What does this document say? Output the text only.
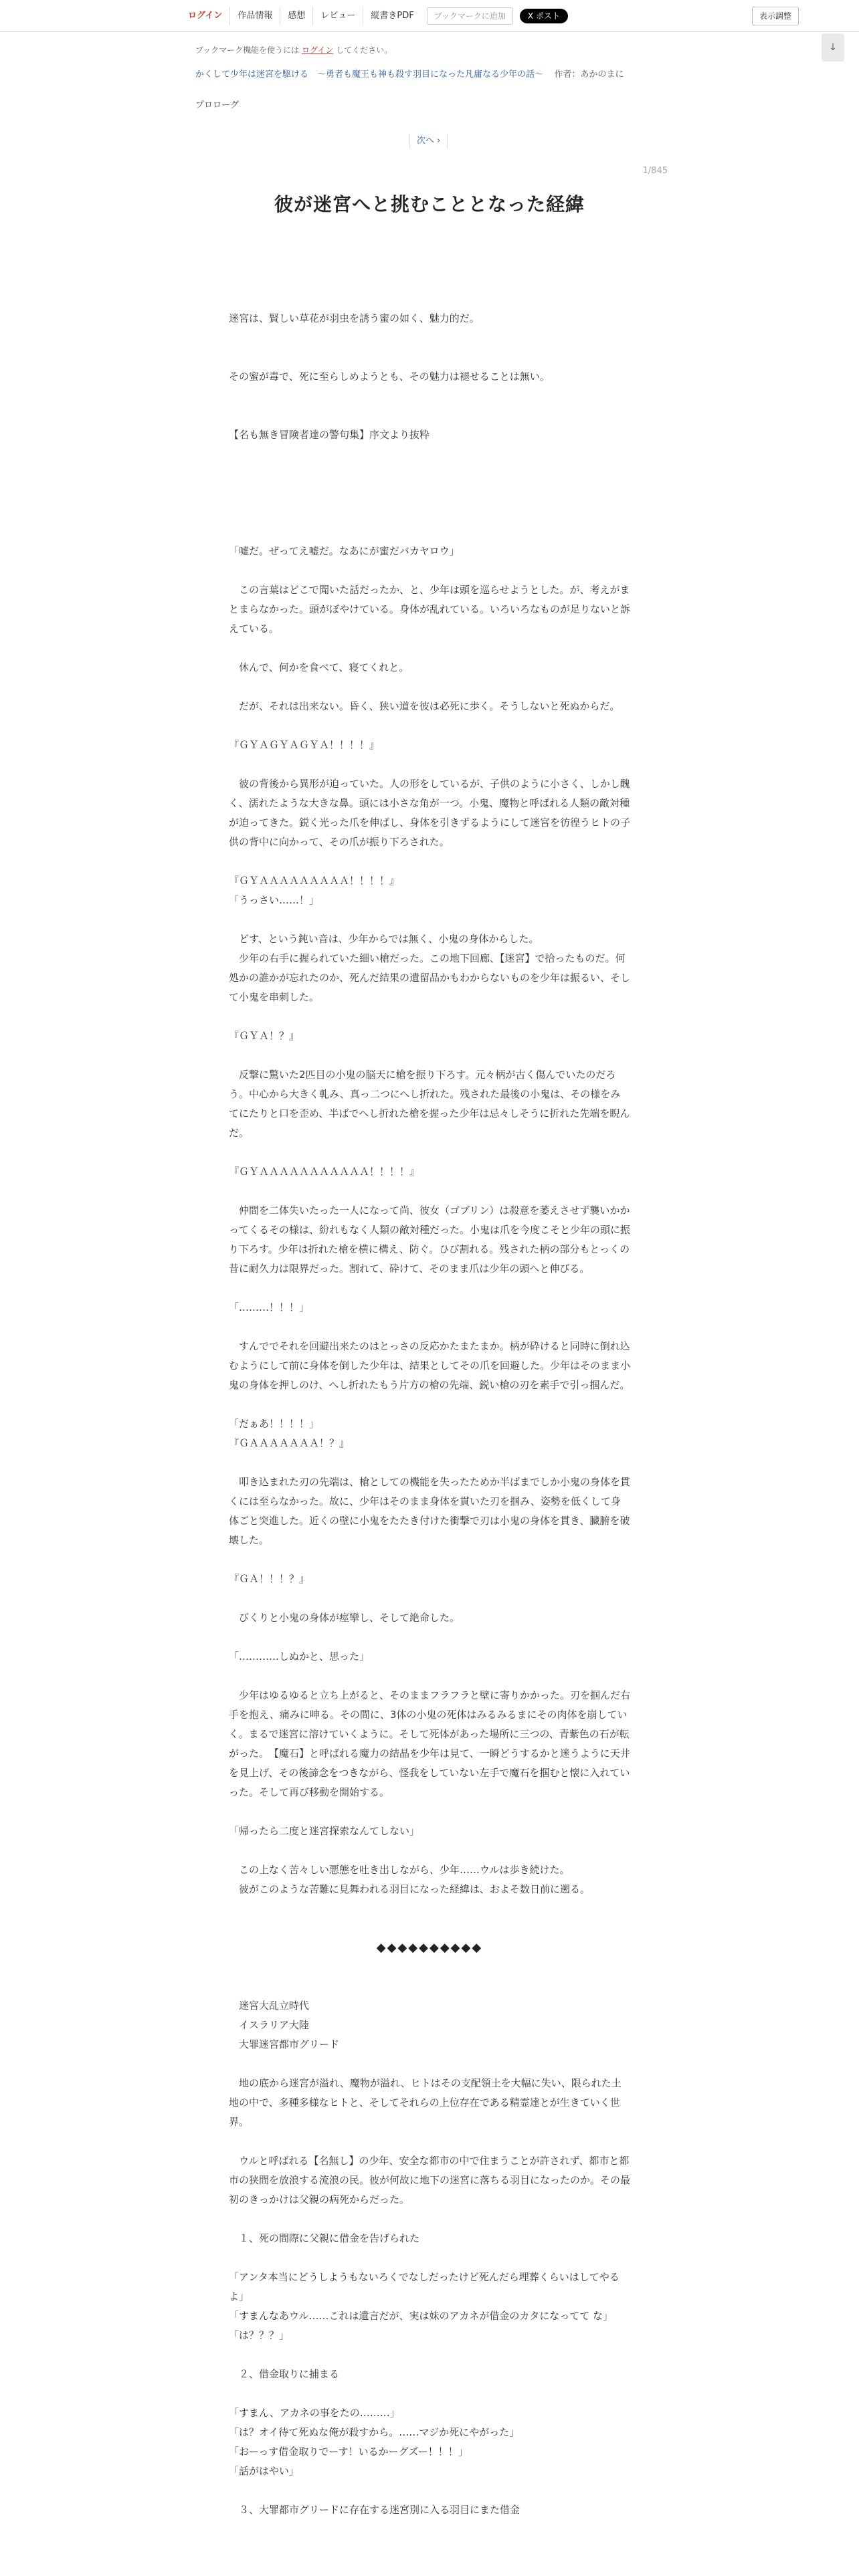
ログイン	作品情報	感想	レビュー	縦書きPDF	ブックマークに追加	X ポスト	表示調整
ブックマーク機能を使うには ログイン してください。	↓
かくして少年は迷宮を駆ける　〜勇者も魔王も神も殺す羽目になった凡庸なる少年の話〜 作者：あかのまに
プロローグ
次へ ›
1/845
彼が迷宮へと挑むこととなった経緯

迷宮は、賢しい草花が羽虫を誘う蜜の如く、魅力的だ。

その蜜が毒で、死に至らしめようとも、その魅力は褪せることは無い。

【名も無き冒険者達の警句集】序文より抜粋

「嘘だ。ぜってえ嘘だ。なあにが蜜だバカヤロウ」

　この言葉はどこで聞いた話だったか、と、少年は頭を巡らせようとした。が、考えがまとまらなかった。頭がぼやけている。身体が乱れている。いろいろなものが足りないと訴えている。

　休んで、何かを食べて、寝てくれと。

　だが、それは出来ない。昏く、狭い道を彼は必死に歩く。そうしないと死ぬからだ。

『ＧＹＡＧＹＡＧＹＡ！！！！』

　彼の背後から異形が迫っていた。人の形をしているが、子供のように小さく、しかし醜く、濡れたような大きな鼻。頭には小さな角が一つ。小鬼、魔物と呼ばれる人類の敵対種が迫ってきた。鋭く光った爪を伸ばし、身体を引きずるようにして迷宮を彷徨うヒトの子供の背中に向かって、その爪が振り下ろされた。

『ＧＹＡＡＡＡＡＡＡＡＡ！！！！』
「うっさい……！」

　どす、という鈍い音は、少年からでは無く、小鬼の身体からした。
　少年の右手に握られていた細い槍だった。この地下回廊、【迷宮】で拾ったものだ。何処かの誰かが忘れたのか、死んだ結果の遺留品かもわからないものを少年は振るい、そして小鬼を串刺した。

『ＧＹＡ！？』

　反撃に驚いた2匹目の小鬼の脳天に槍を振り下ろす。元々柄が古く傷んでいたのだろう。中心から大きく軋み、真っ二つにへし折れた。残された最後の小鬼は、その様をみてにたりと口を歪め、半ばでへし折れた槍を握った少年は忌々しそうに折れた先端を睨んだ。

『ＧＹＡＡＡＡＡＡＡＡＡＡＡ！！！！』

　仲間を二体失いたった一人になって尚、彼女（ゴブリン）は殺意を萎えさせず襲いかかってくるその様は、紛れもなく人類の敵対種だった。小鬼は爪を今度こそと少年の頭に振り下ろす。少年は折れた槍を横に構え、防ぐ。ひび割れる。残された柄の部分もとっくの昔に耐久力は限界だった。割れて、砕けて、そのまま爪は少年の頭へと伸びる。

「………！！！」

　すんででそれを回避出来たのはとっさの反応かたまたまか。柄が砕けると同時に倒れ込むようにして前に身体を倒した少年は、結果としてその爪を回避した。少年はそのまま小鬼の身体を押しのけ、へし折れたもう片方の槍の先端、鋭い槍の刃を素手で引っ掴んだ。

「だぁあ！！！！」
『ＧＡＡＡＡＡＡＡ！？』

　叩き込まれた刃の先端は、槍としての機能を失ったためか半ばまでしか小鬼の身体を貫くには至らなかった。故に、少年はそのまま身体を貫いた刃を掴み、姿勢を低くして身体ごと突進した。近くの壁に小鬼をたたき付けた衝撃で刃は小鬼の身体を貫き、臓腑を破壊した。

『ＧＡ！！！？』

　びくりと小鬼の身体が痙攣し、そして絶命した。

「…………しぬかと、思った」

　少年はゆるゆると立ち上がると、そのままフラフラと壁に寄りかかった。刃を掴んだ右手を抱え、痛みに呻る。その間に、3体の小鬼の死体はみるみるまにその肉体を崩していく。まるで迷宮に溶けていくように。そして死体があった場所に三つの、青紫色の石が転がった。　【魔石】と呼ばれる魔力の結晶を少年は見て、一瞬どうするかと迷うように天井を見上げ、その後諦念をつきながら、怪我をしていない左手で魔石を掴むと懐に入れていった。そして再び移動を開始する。

「帰ったら二度と迷宮探索なんてしない」

　この上なく苦々しい悪態を吐き出しながら、少年……ウルは歩き続けた。
　彼がこのような苦難に見舞われる羽目になった経緯は、およそ数日前に遡る。

◆◆◆◆◆◆◆◆◆◆

　迷宮大乱立時代
　イスラリア大陸
　大罪迷宮都市グリード

　地の底から迷宮が溢れ、魔物が溢れ、ヒトはその支配領土を大幅に失い、限られた土地の中で、多種多様なヒトと、そしてそれらの上位存在である精霊達とが生きていく世界。

　ウルと呼ばれる【名無し】の少年、安全な都市の中で住まうことが許されず、都市と都市の狭間を放浪する流浪の民。彼が何故に地下の迷宮に落ちる羽目になったのか。その最初のきっかけは父親の病死からだった。

　１、死の間際に父親に借金を告げられた

「アンタ本当にどうしようもないろくでなしだったけど死んだら埋葬くらいはしてやるよ」
「すまんなあウル……これは遺言だが、実は妹のアカネが借金のカタになってて な」
「は？？？」

　２、借金取りに捕まる

「すまん、アカネの事をたの………」
「は？オイ待て死ぬな俺が殺すから。……マジか死にやがった」
「おーっす借金取りでーす！いるかーグズー！！！」
「話がはやい」

　３、大罪都市グリードに存在する迷宮別に入る羽目にまた借金
